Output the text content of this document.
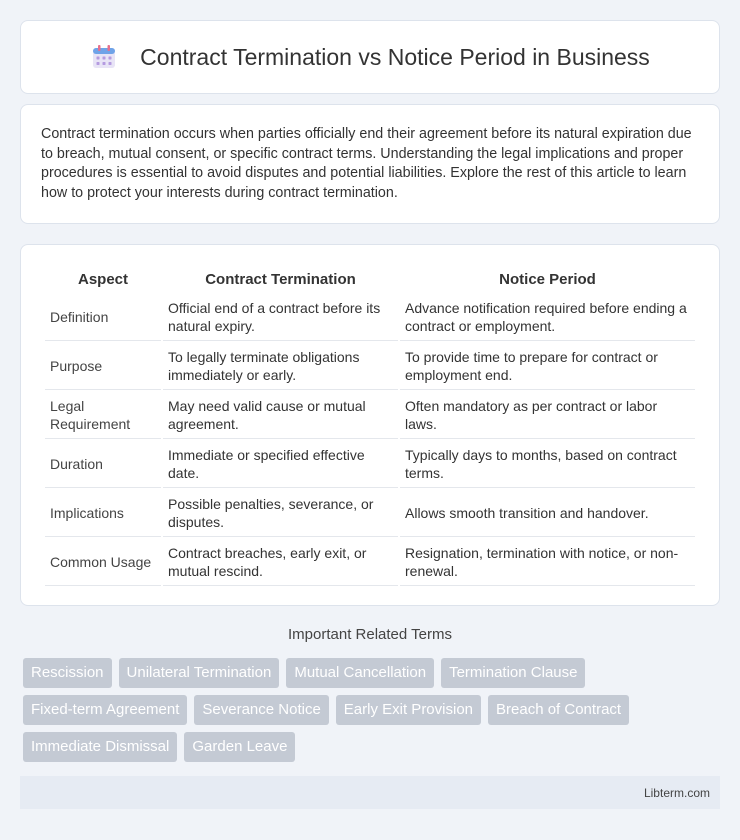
Contract Termination vs Notice Period in Business

Contract termination occurs when parties officially end their agreement before its natural expiration due to breach, mutual consent, or specific contract terms. Understanding the legal implications and proper procedures is essential to avoid disputes and potential liabilities. Explore the rest of this article to learn how to protect your interests during contract termination.

Aspect	Contract Termination	Notice Period
Definition	Official end of a contract before its natural expiry.	Advance notification required before ending a contract or employment.
Purpose	To legally terminate obligations immediately or early.	To provide time to prepare for contract or employment end.
Legal Requirement	May need valid cause or mutual agreement.	Often mandatory as per contract or labor laws.
Duration	Immediate or specified effective date.	Typically days to months, based on contract terms.
Implications	Possible penalties, severance, or disputes.	Allows smooth transition and handover.
Common Usage	Contract breaches, early exit, or mutual rescind.	Resignation, termination with notice, or non-renewal.
Important Related Terms
Rescission	Unilateral Termination	Mutual Cancellation	Termination Clause
Fixed-term Agreement	Severance Notice	Early Exit Provision	Breach of Contract
Immediate Dismissal	Garden Leave
Libterm.com
